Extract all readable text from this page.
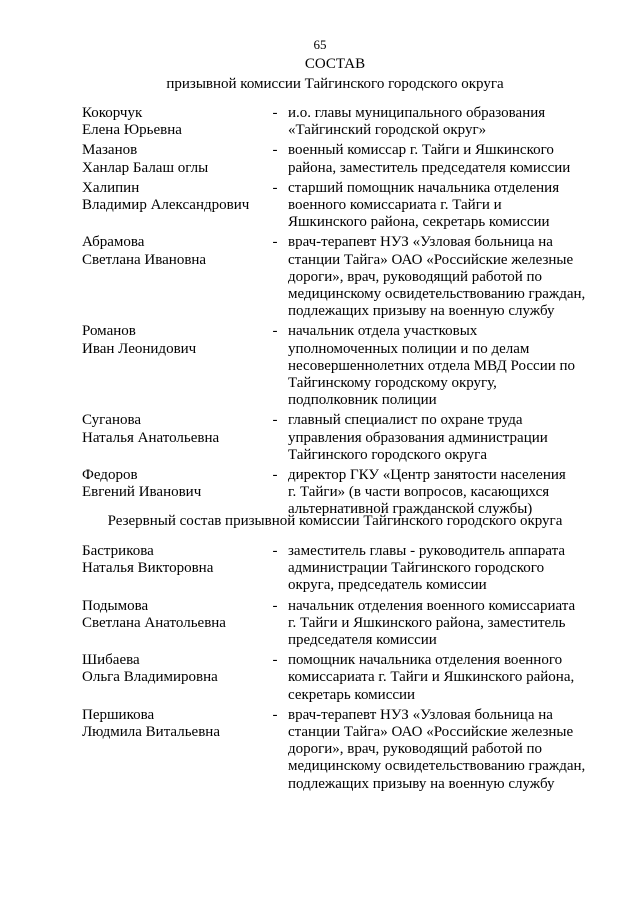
65
СОСТАВ
призывной комиссии Тайгинского городского округа
Кокорчук
Елена Юрьевна
- и.о. главы муниципального образования
«Тайгинский городской округ»
Мазанов
Ханлар Балаш оглы
- военный комиссар г. Тайги и Яшкинского
района, заместитель председателя комиссии
Халипин
Владимир Александрович
- старший помощник начальника отделения
военного комиссариата г. Тайги и
Яшкинского района, секретарь комиссии
Абрамова
Светлана Ивановна
- врач-терапевт НУЗ «Узловая больница на
станции Тайга» ОАО «Российские железные
дороги», врач, руководящий работой по
медицинскому освидетельствованию граждан,
подлежащих призыву на военную службу
Романов
Иван Леонидович
- начальник отдела участковых
уполномоченных полиции и по делам
несовершеннолетних отдела МВД России по
Тайгинскому городскому округу,
подполковник полиции
Суганова
Наталья Анатольевна
- главный специалист по охране труда
управления образования администрации
Тайгинского городского округа
Федоров
Евгений Иванович
- директор ГКУ «Центр занятости населения
г. Тайги» (в части вопросов, касающихся
альтернативной гражданской службы)
Резервный состав призывной комиссии Тайгинского городского округа
Бастрикова
Наталья Викторовна
- заместитель главы - руководитель аппарата
администрации Тайгинского городского
округа, председатель комиссии
Подымова
Светлана Анатольевна
- начальник отделения военного комиссариата
г. Тайги и Яшкинского района, заместитель
председателя комиссии
Шибаева
Ольга Владимировна
- помощник начальника отделения военного
комиссариата г. Тайги и Яшкинского района,
секретарь комиссии
Першикова
Людмила Витальевна
- врач-терапевт НУЗ «Узловая больница на
станции Тайга» ОАО «Российские железные
дороги», врач, руководящий работой по
медицинскому освидетельствованию граждан,
подлежащих призыву на военную службу
